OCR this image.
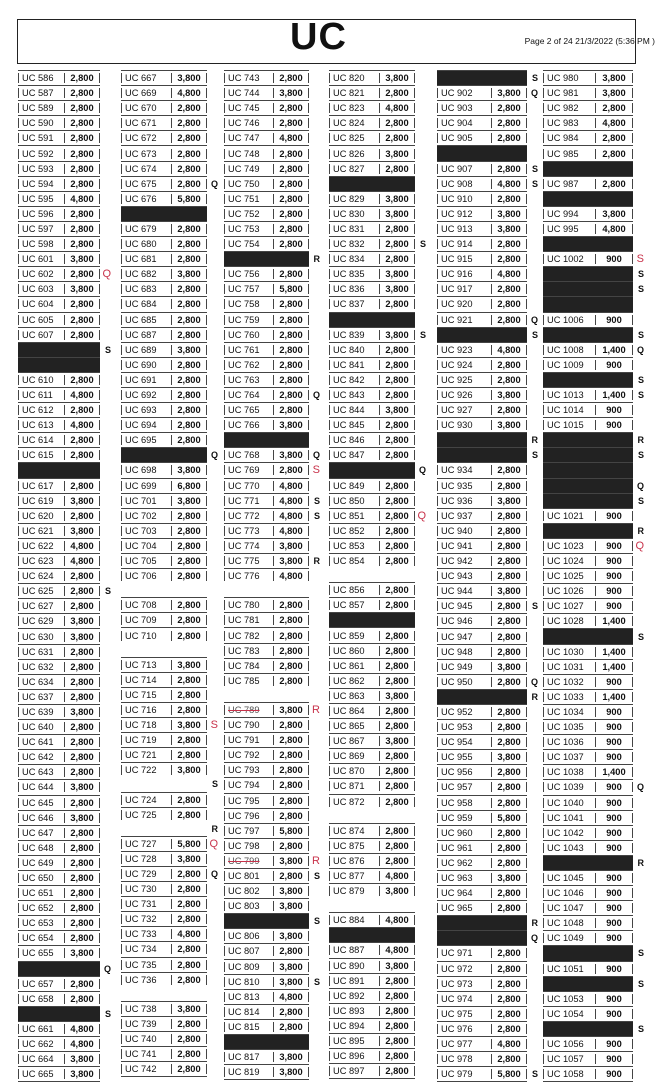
UC	Page 2 of 24 21/3/2022 (5:36 PM )
UC 586	2,800
UC 587	2,800
UC 589	2,800
UC 590	2,800
UC 591	2,800
UC 592	2,800
UC 593	2,800
UC 594	2,800
UC 595	4,800
UC 596	2,800
UC 597	2,800
UC 598	2,800
UC 601	3,800
UC 602	2,800 Q
UC 603	3,800
UC 604	2,800
UC 605	2,800
UC 607	2,800
S
UC 610	2,800
UC 611	4,800
UC 612	2,800
UC 613	4,800
UC 614	2,800
UC 615	2,800
UC 617	2,800
UC 619	3,800
UC 620	2,800
UC 621	3,800
UC 622	4,800
UC 623	4,800
UC 624	2,800
UC 625	2,800	S
UC 627	2,800
UC 629	3,800
UC 630	3,800
UC 631	2,800
UC 632	2,800
UC 634	2,800
UC 637	2,800
UC 639	3,800
UC 640	2,800
UC 641	2,800
UC 642	2,800
UC 643	2,800
UC 644	3,800
UC 645	2,800
UC 646	3,800
UC 647	2,800
UC 648	2,800
UC 649	2,800
UC 650	2,800
UC 651	2,800
UC 652	2,800
UC 653	2,800
UC 654	2,800
UC 655	3,800
Q
UC 657	2,800
UC 658	2,800
S
UC 661	4,800
UC 662	4,800
UC 664	3,800
UC 665	3,800
UC 667	3,800
UC 669	4,800
UC 670	2,800
UC 671	2,800
UC 672	2,800
UC 673	2,800
UC 674	2,800
UC 675	2,800	Q
UC 676	5,800
UC 679	2,800
UC 680	2,800
UC 681	2,800
UC 682	3,800
UC 683	2,800
UC 684	2,800
UC 685	2,800
UC 687	2,800
UC 689	3,800
UC 690	2,800
UC 691	2,800
UC 692	2,800
UC 693	2,800
UC 694	2,800
UC 695	2,800
Q
UC 698	3,800
UC 699	6,800
UC 701	3,800
UC 702	2,800
UC 703	2,800
UC 704	2,800
UC 705	2,800
UC 706	2,800
UC 708	2,800
UC 709	2,800
UC 710	2,800
UC 713	3,800
UC 714	2,800
UC 715	2,800
UC 716	2,800
UC 718	3,800 S
UC 719	2,800
UC 721	2,800
UC 722	3,800
S
UC 724	2,800
UC 725	2,800
R
UC 727	5,800 Q
UC 728	3,800
UC 729	2,800	Q
UC 730	2,800
UC 731	2,800
UC 732	2,800
UC 733	4,800
UC 734	2,800
UC 735	2,800
UC 736	2,800
UC 738	3,800
UC 739	2,800
UC 740	2,800
UC 741	2,800
UC 742	2,800
UC 743	2,800
UC 744	3,800
UC 745	2,800
UC 746	2,800
UC 747	4,800
UC 748	2,800
UC 749	2,800
UC 750	2,800
UC 751	2,800
UC 752	2,800
UC 753	2,800
UC 754	2,800
R
UC 756	2,800
UC 757	5,800
UC 758	2,800
UC 759	2,800
UC 760	2,800
UC 761	2,800
UC 762	2,800
UC 763	2,800
UC 764	2,800	Q
UC 765	2,800
UC 766	3,800
UC 768	3,800	Q
UC 769	2,800 S
UC 770	4,800
UC 771	4,800	S
UC 772	4,800	S
UC 773	4,800
UC 774	3,800
UC 775	3,800	R
UC 776	4,800
UC 780	2,800
UC 781	2,800
UC 782	2,800
UC 783	2,800
UC 784	2,800
UC 785	2,800
UC 789	3,800 R
UC 790	2,800
UC 791	2,800
UC 792	2,800
UC 793	2,800
UC 794	2,800
UC 795	2,800
UC 796	2,800
UC 797	5,800
UC 798	2,800
UC 799	3,800 R
UC 801	2,800	S
UC 802	3,800
UC 803	3,800
S
UC 806	3,800
UC 807	2,800
UC 809	3,800
UC 810	3,800	S
UC 813	4,800
UC 814	2,800
UC 815	2,800
UC 817	3,800
UC 819	3,800
UC 820	3,800
UC 821	2,800
UC 823	4,800
UC 824	2,800
UC 825	2,800
UC 826	3,800
UC 827	2,800
UC 829	3,800
UC 830	3,800
UC 831	2,800
UC 832	2,800	S
UC 834	2,800
UC 835	3,800
UC 836	3,800
UC 837	2,800
UC 839	3,800	S
UC 840	2,800
UC 841	2,800
UC 842	2,800
UC 843	2,800
UC 844	3,800
UC 845	2,800
UC 846	2,800
UC 847	2,800
Q
UC 849	2,800
UC 850	2,800
UC 851	2,800 Q
UC 852	2,800
UC 853	2,800
UC 854	2,800
UC 856	2,800
UC 857	2,800
UC 859	2,800
UC 860	2,800
UC 861	2,800
UC 862	2,800
UC 863	3,800
UC 864	2,800
UC 865	2,800
UC 867	3,800
UC 869	2,800
UC 870	2,800
UC 871	2,800
UC 872	2,800
UC 874	2,800
UC 875	2,800
UC 876	2,800
UC 877	4,800
UC 879	3,800
UC 884	4,800
UC 887	4,800
UC 890	3,800
UC 891	2,800
UC 892	2,800
UC 893	2,800
UC 894	2,800
UC 895	2,800
UC 896	2,800
UC 897	2,800
S
UC 902	3,800	Q
UC 903	2,800
UC 904	2,800
UC 905	2,800
UC 907	2,800	S
UC 908	4,800	S
UC 910	2,800
UC 912	3,800
UC 913	3,800
UC 914	2,800
UC 915	2,800
UC 916	4,800
UC 917	2,800
UC 920	2,800
UC 921	2,800	Q
S
UC 923	4,800
UC 924	2,800
UC 925	2,800
UC 926	3,800
UC 927	2,800
UC 930	3,800
R
S
UC 934	2,800
UC 935	2,800
UC 936	3,800
UC 937	2,800
UC 940	2,800
UC 941	2,800
UC 942	2,800
UC 943	2,800
UC 944	3,800
UC 945	2,800	S
UC 946	2,800
UC 947	2,800
UC 948	2,800
UC 949	3,800
UC 950	2,800	Q
R
UC 952	2,800
UC 953	2,800
UC 954	2,800
UC 955	3,800
UC 956	2,800
UC 957	2,800
UC 958	2,800
UC 959	5,800
UC 960	2,800
UC 961	2,800
UC 962	2,800
UC 963	3,800
UC 964	2,800
UC 965	2,800
R
Q
UC 971	2,800
UC 972	2,800
UC 973	2,800
UC 974	2,800
UC 975	2,800
UC 976	2,800
UC 977	4,800
UC 978	2,800
UC 979	5,800	S
UC 980	3,800
UC 981	3,800
UC 982	2,800
UC 983	4,800
UC 984	2,800
UC 985	2,800
UC 987	2,800
UC 994	3,800
UC 995	4,800
UC 1002	900	S
S
S
UC 1006	900
S
UC 1008	1,400	Q
UC 1009	900
S
UC 1013	1,400	S
UC 1014	900
UC 1015	900
R
S
Q
S
UC 1021	900
R
UC 1023	900	Q
UC 1024	900
UC 1025	900
UC 1026	900
UC 1027	900
UC 1028	1,400
S
UC 1030	1,400
UC 1031	1,400
UC 1032	900
UC 1033	1,400
UC 1034	900
UC 1035	900
UC 1036	900
UC 1037	900
UC 1038	1,400
UC 1039	900	Q
UC 1040	900
UC 1041	900
UC 1042	900
UC 1043	900
R
UC 1045	900
UC 1046	900
UC 1047	900
UC 1048	900
UC 1049	900
S
UC 1051	900
S
UC 1053	900
UC 1054	900
S
UC 1056	900
UC 1057	900
UC 1058	900
